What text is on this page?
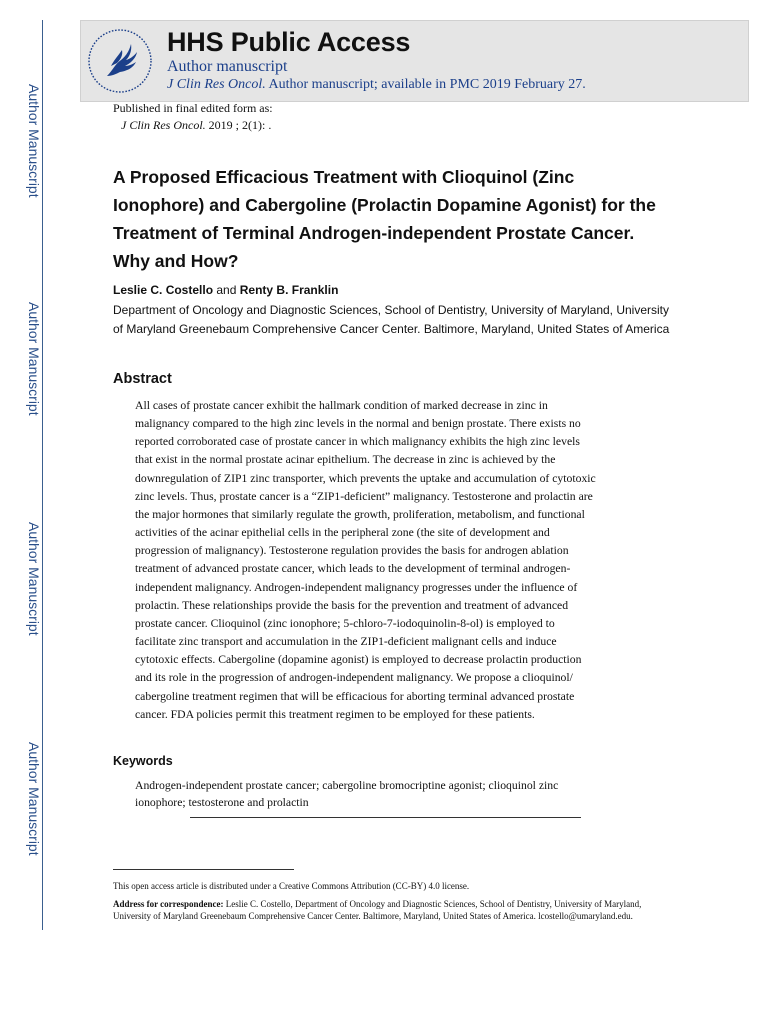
Author Manuscript
Author Manuscript
Author Manuscript
Author Manuscript
HHS Public Access
Author manuscript
J Clin Res Oncol. Author manuscript; available in PMC 2019 February 27.
Published in final edited form as:
J Clin Res Oncol. 2019 ; 2(1): .
A Proposed Efficacious Treatment with Clioquinol (Zinc Ionophore) and Cabergoline (Prolactin Dopamine Agonist) for the Treatment of Terminal Androgen-independent Prostate Cancer. Why and How?
Leslie C. Costello and Renty B. Franklin
Department of Oncology and Diagnostic Sciences, School of Dentistry, University of Maryland, University of Maryland Greenebaum Comprehensive Cancer Center. Baltimore, Maryland, United States of America
Abstract
All cases of prostate cancer exhibit the hallmark condition of marked decrease in zinc in
malignancy compared to the high zinc levels in the normal and benign prostate. There exists no
reported corroborated case of prostate cancer in which malignancy exhibits the high zinc levels
that exist in the normal prostate acinar epithelium. The decrease in zinc is achieved by the
downregulation of ZIP1 zinc transporter, which prevents the uptake and accumulation of cytotoxic
zinc levels. Thus, prostate cancer is a “ZIP1-deficient” malignancy. Testosterone and prolactin are
the major hormones that similarly regulate the growth, proliferation, metabolism, and functional
activities of the acinar epithelial cells in the peripheral zone (the site of development and
progression of malignancy). Testosterone regulation provides the basis for androgen ablation
treatment of advanced prostate cancer, which leads to the development of terminal androgen-
independent malignancy. Androgen-independent malignancy progresses under the influence of
prolactin. These relationships provide the basis for the prevention and treatment of advanced
prostate cancer. Clioquinol (zinc ionophore; 5-chloro-7-iodoquinolin-8-ol) is employed to
facilitate zinc transport and accumulation in the ZIP1-deficient malignant cells and induce
cytotoxic effects. Cabergoline (dopamine agonist) is employed to decrease prolactin production
and its role in the progression of androgen-independent malignancy. We propose a clioquinol/
cabergoline treatment regimen that will be efficacious for aborting terminal advanced prostate
cancer. FDA policies permit this treatment regimen to be employed for these patients.
Keywords
Androgen-independent prostate cancer; cabergoline bromocriptine agonist; clioquinol zinc ionophore; testosterone and prolactin
This open access article is distributed under a Creative Commons Attribution (CC-BY) 4.0 license.
Address for correspondence: Leslie C. Costello, Department of Oncology and Diagnostic Sciences, School of Dentistry, University of Maryland, University of Maryland Greenebaum Comprehensive Cancer Center. Baltimore, Maryland, United States of America. lcostello@umaryland.edu.
